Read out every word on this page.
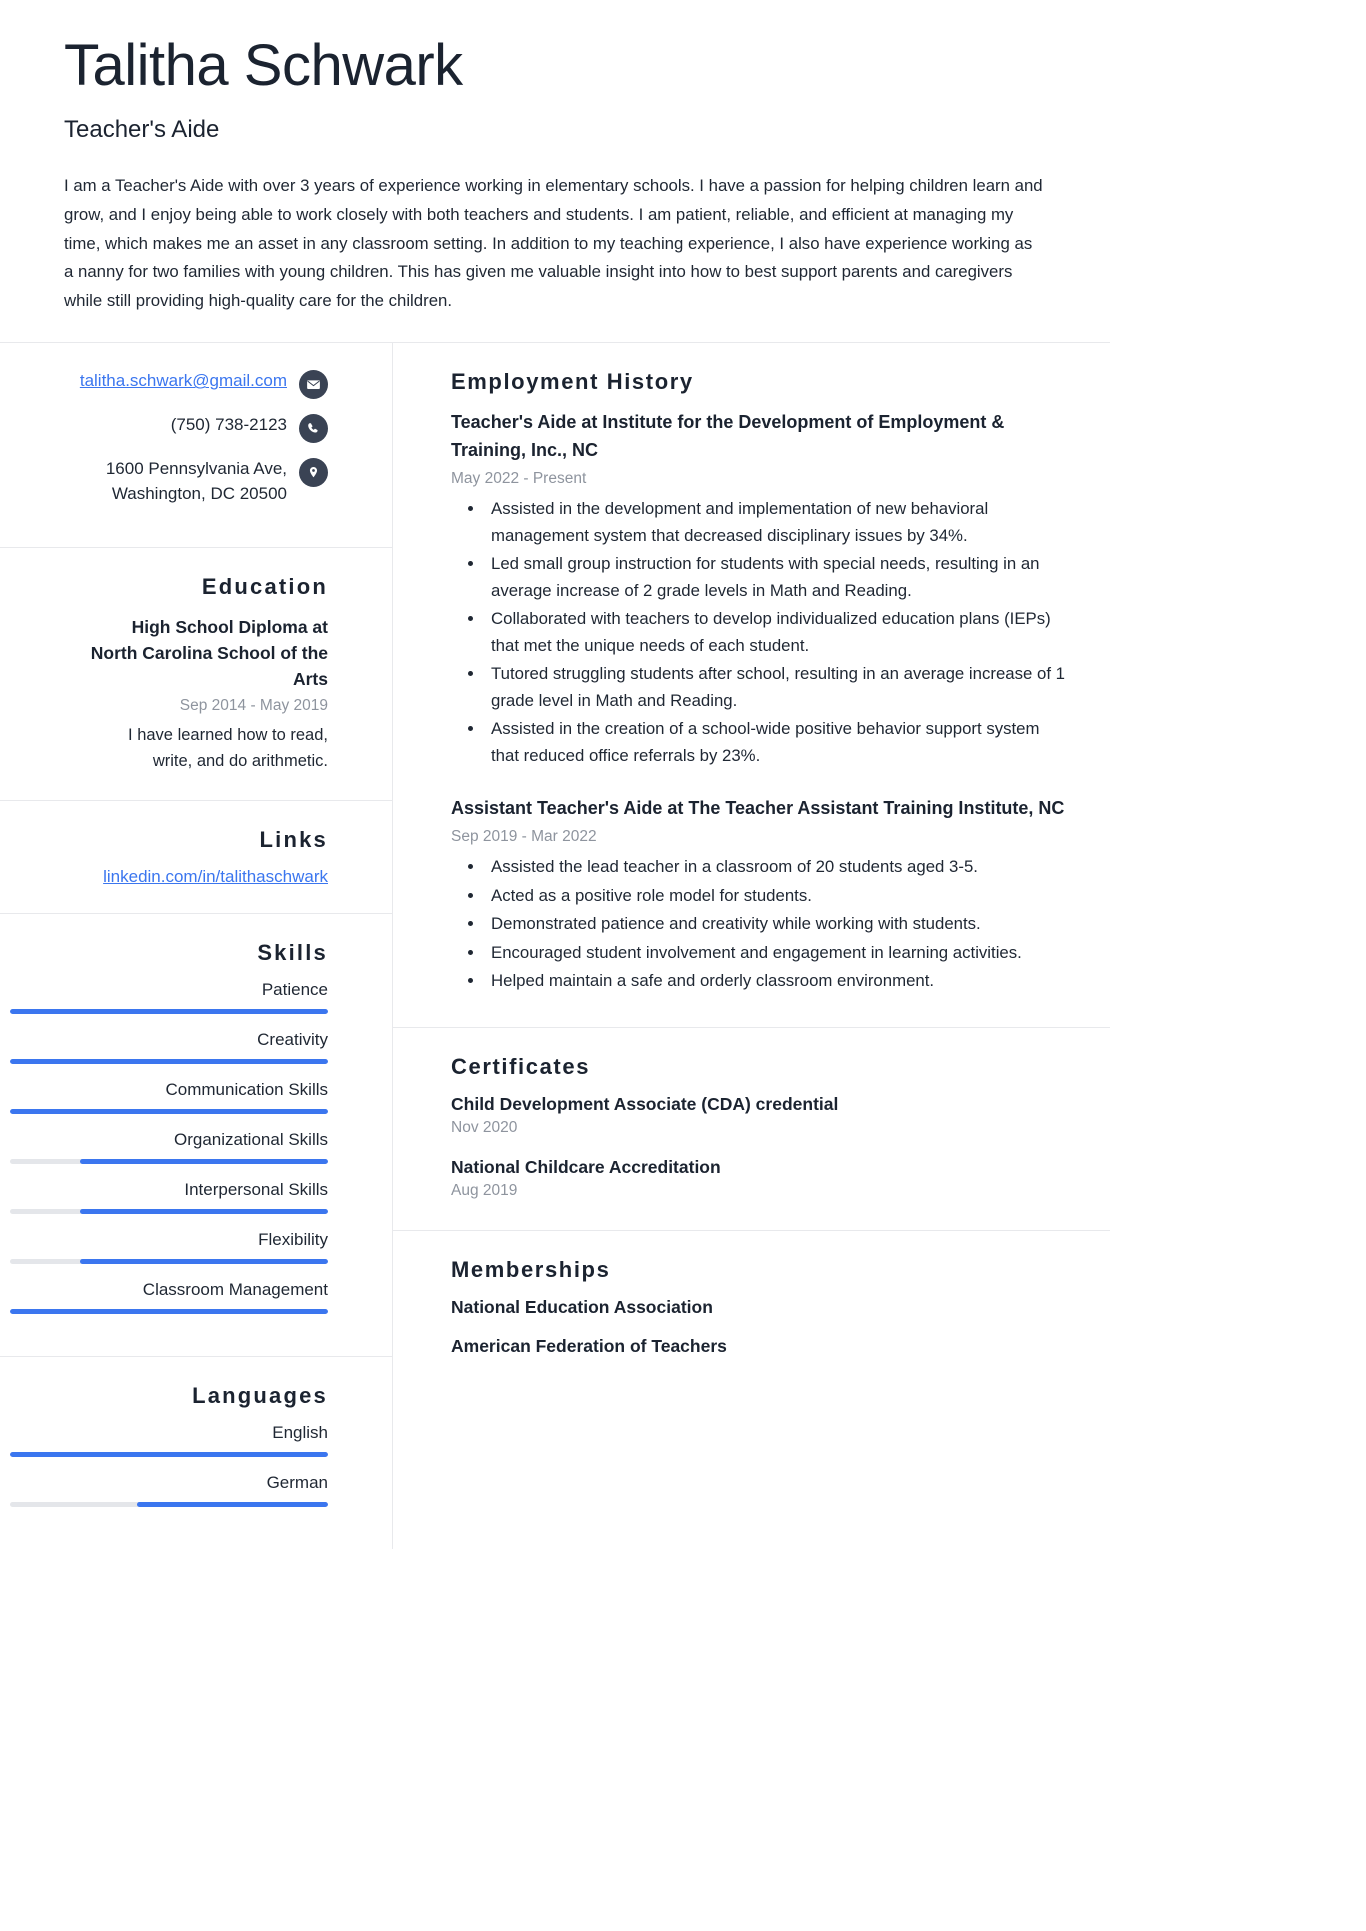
Talitha Schwark
Teacher's Aide

I am a Teacher's Aide with over 3 years of experience working in elementary schools. I have a passion for helping children learn and grow, and I enjoy being able to work closely with both teachers and students. I am patient, reliable, and efficient at managing my time, which makes me an asset in any classroom setting. In addition to my teaching experience, I also have experience working as a nanny for two families with young children. This has given me valuable insight into how to best support parents and caregivers while still providing high-quality care for the children.

talitha.schwark@gmail.com
(750) 738-2123
1600 Pennsylvania Ave,
Washington, DC 20500
Education
High School Diploma at
North Carolina School of the
Arts
Sep 2014 - May 2019
I have learned how to read,
write, and do arithmetic.
Links
linkedin.com/in/talithaschwark
Skills
Patience
Creativity
Communication Skills
Organizational Skills
Interpersonal Skills
Flexibility
Classroom Management
Languages
English
German
Employment History
Teacher's Aide at Institute for the Development of Employment & Training, Inc., NC
May 2022 - Present
• Assisted in the development and implementation of new behavioral management system that decreased disciplinary issues by 34%.
• Led small group instruction for students with special needs, resulting in an average increase of 2 grade levels in Math and Reading.
• Collaborated with teachers to develop individualized education plans (IEPs) that met the unique needs of each student.
• Tutored struggling students after school, resulting in an average increase of 1 grade level in Math and Reading.
• Assisted in the creation of a school-wide positive behavior support system that reduced office referrals by 23%.
Assistant Teacher's Aide at The Teacher Assistant Training Institute, NC
Sep 2019 - Mar 2022
• Assisted the lead teacher in a classroom of 20 students aged 3-5.
• Acted as a positive role model for students.
• Demonstrated patience and creativity while working with students.
• Encouraged student involvement and engagement in learning activities.
• Helped maintain a safe and orderly classroom environment.
Certificates
Child Development Associate (CDA) credential
Nov 2020
National Childcare Accreditation
Aug 2019
Memberships
National Education Association
American Federation of Teachers
